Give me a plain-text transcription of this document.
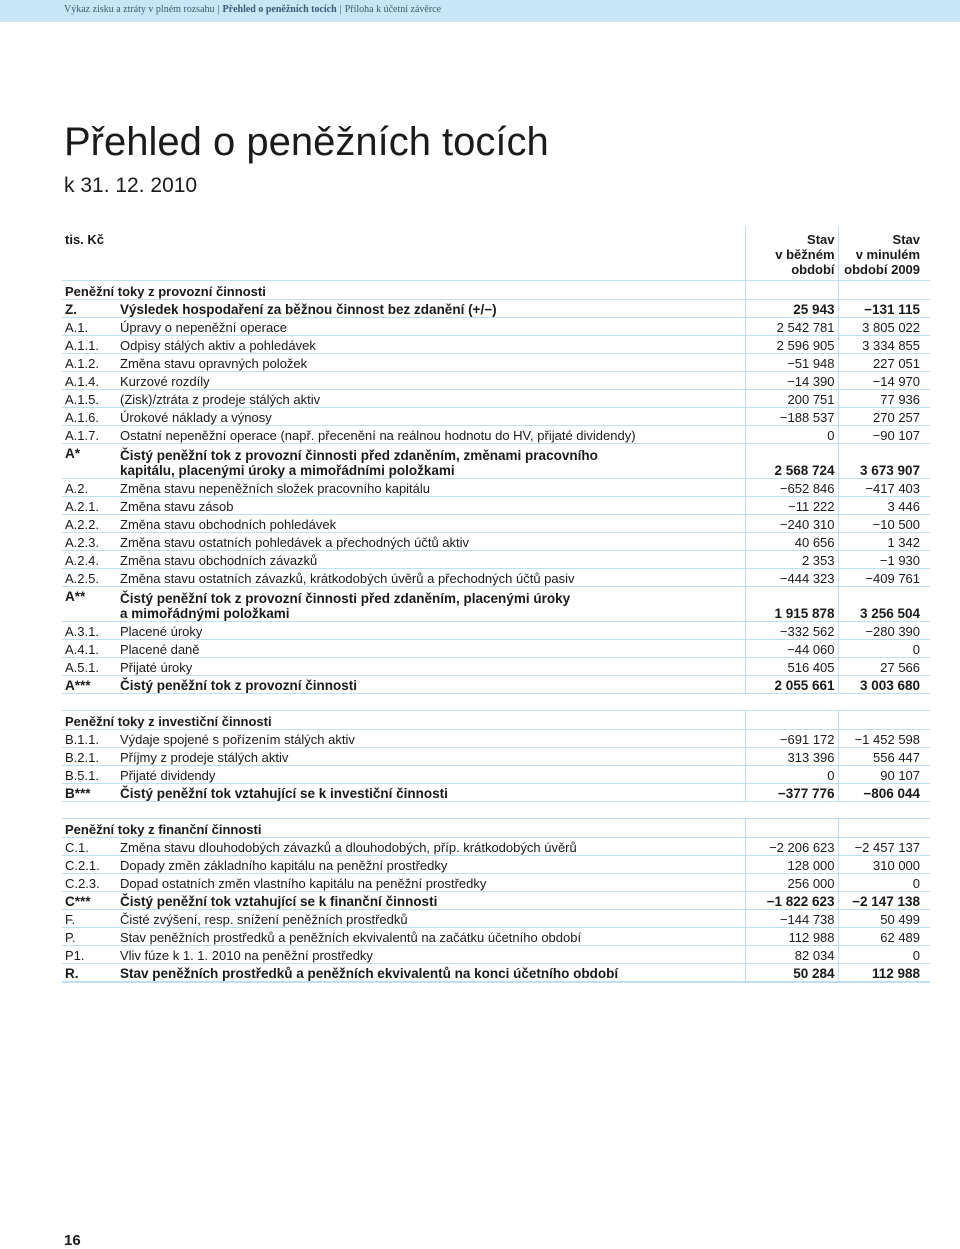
Výkaz zisku a ztráty v plném rozsahu | Přehled o peněžních tocích | Příloha k účetní závěrce
Přehled o peněžních tocích
k 31. 12. 2010
tis. Kč		Stav
v běžném
období	Stav
v minulém
období 2009
Peněžní toky z provozní činnosti			
Z.	Výsledek hospodaření za běžnou činnost bez zdanění (+/−)	25 943	−131 115
A.1.	Úpravy o nepeněžní operace	2 542 781	3 805 022
A.1.1.	Odpisy stálých aktiv a pohledávek	2 596 905	3 334 855
A.1.2.	Změna stavu opravných položek	−51 948	227 051
A.1.4.	Kurzové rozdíly	−14 390	−14 970
A.1.5.	(Zisk)/ztráta z prodeje stálých aktiv	200 751	77 936
A.1.6.	Úrokové náklady a výnosy	−188 537	270 257
A.1.7.	Ostatní nepeněžní operace (např. přecenění na reálnou hodnotu do HV, přijaté dividendy)	0	−90 107
A*	Čistý peněžní tok z provozní činnosti před zdaněním, změnami pracovního
kapitálu, placenými úroky a mimořádními položkami	2 568 724	3 673 907
A.2.	Změna stavu nepeněžních složek pracovního kapitálu	−652 846	−417 403
A.2.1.	Změna stavu zásob	−11 222	3 446
A.2.2.	Změna stavu obchodních pohledávek	−240 310	−10 500
A.2.3.	Změna stavu ostatních pohledávek a přechodných účtů aktiv	40 656	1 342
A.2.4.	Změna stavu obchodních závazků	2 353	−1 930
A.2.5.	Změna stavu ostatních závazků, krátkodobých úvěrů a přechodných účtů pasiv	−444 323	−409 761
A**	Čistý peněžní tok z provozní činnosti před zdaněním, placenými úroky
a mimořádnými položkami	1 915 878	3 256 504
A.3.1.	Placené úroky	−332 562	−280 390
A.4.1.	Placené daně	−44 060	0
A.5.1.	Přijaté úroky	516 405	27 566
A***	Čistý peněžní tok z provozní činnosti	2 055 661	3 003 680

Peněžní toky z investiční činnosti			
B.1.1.	Výdaje spojené s pořízením stálých aktiv	−691 172	−1 452 598
B.2.1.	Příjmy z prodeje stálých aktiv	313 396	556 447
B.5.1.	Přijaté dividendy	0	90 107
B***	Čistý peněžní tok vztahující se k investiční činnosti	−377 776	−806 044

Peněžní toky z finanční činnosti			
C.1.	Změna stavu dlouhodobých závazků a dlouhodobých, příp. krátkodobých úvěrů	−2 206 623	−2 457 137
C.2.1.	Dopady změn základního kapitálu na peněžní prostředky	128 000	310 000
C.2.3.	Dopad ostatních změn vlastního kapitálu na peněžní prostředky	256 000	0
C***	Čistý peněžní tok vztahující se k finanční činnosti	−1 822 623	−2 147 138
F.	Čisté zvýšení, resp. snížení peněžních prostředků	−144 738	50 499
P.	Stav peněžních prostředků a peněžních ekvivalentů na začátku účetního období	112 988	62 489
P1.	Vliv fúze k 1. 1. 2010 na peněžní prostředky	82 034	0
R.	Stav peněžních prostředků a peněžních ekvivalentů na konci účetního období	50 284	112 988
16
